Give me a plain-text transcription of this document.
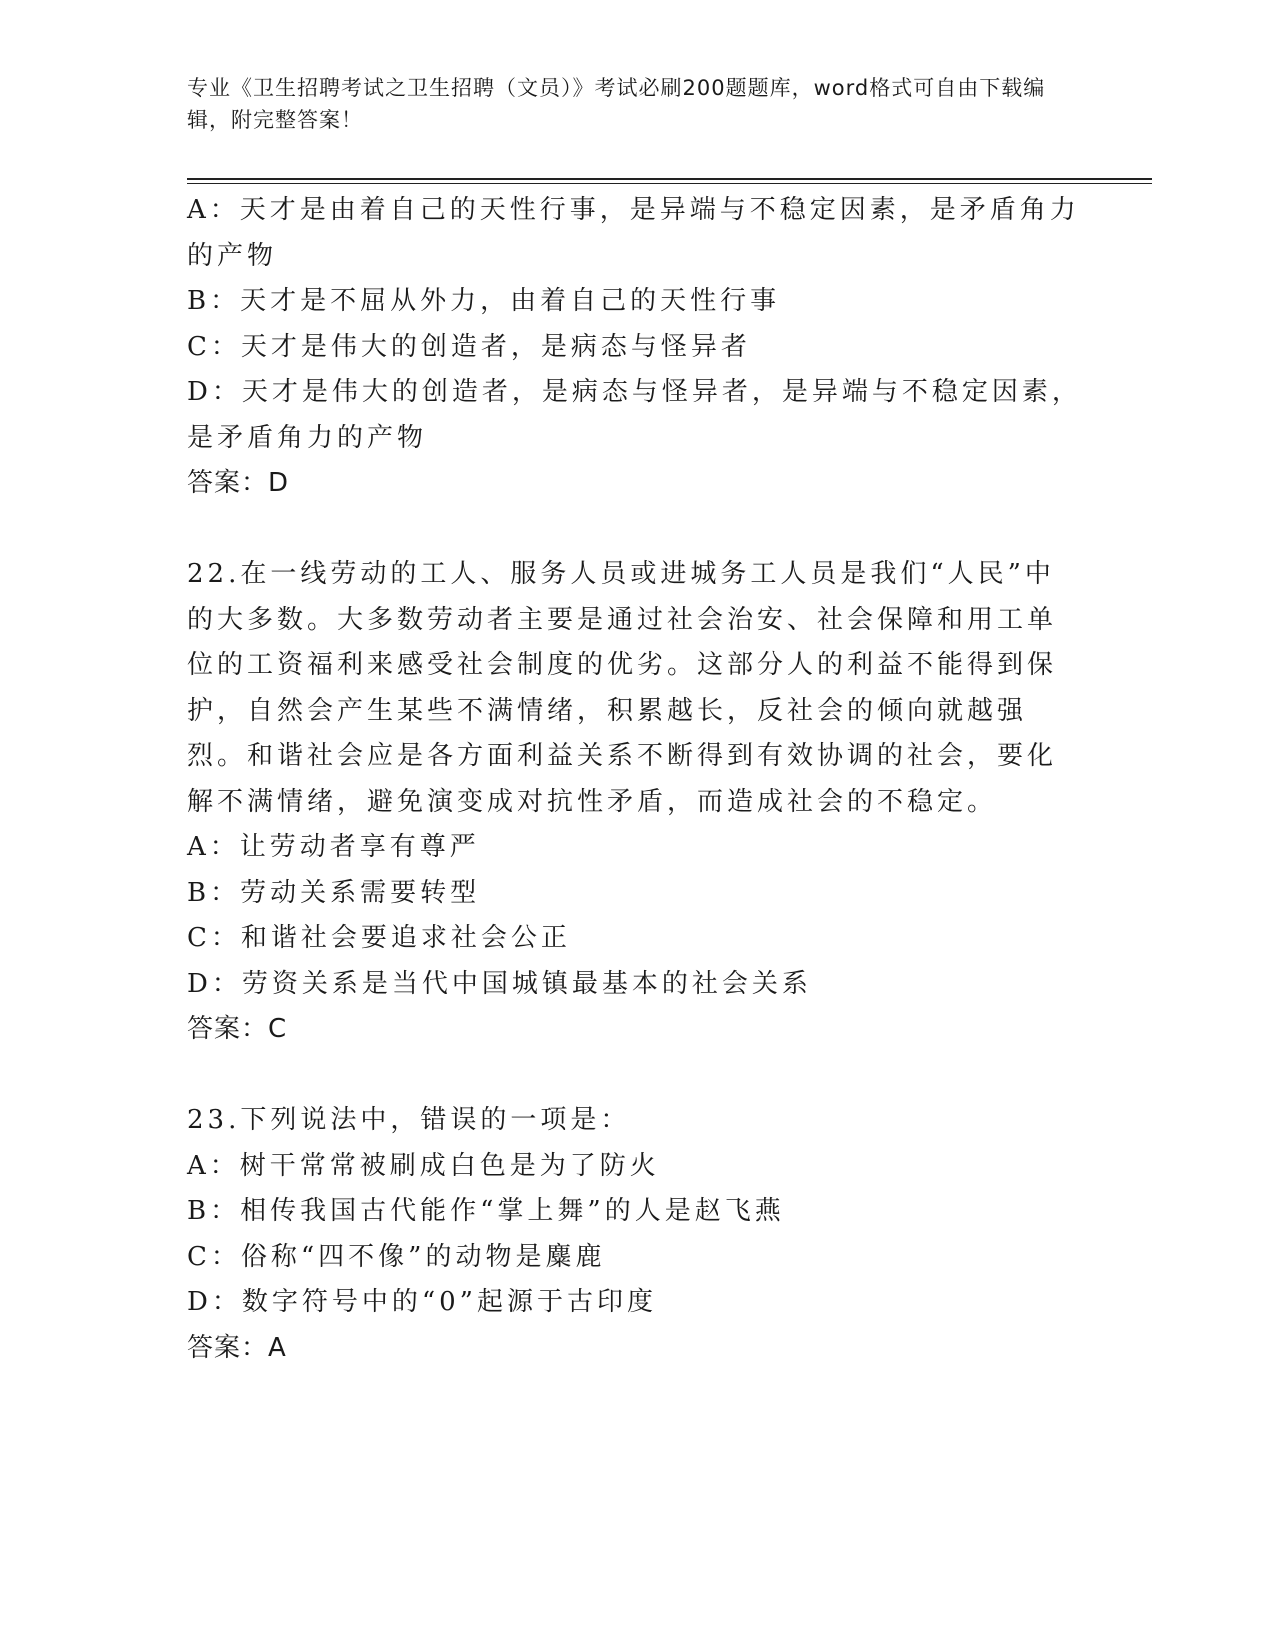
专业《卫生招聘考试之卫生招聘（文员）》考试必刷200题题库，word格式可自由下载编辑，附完整答案！
A：天才是由着自己的天性行事，是异端与不稳定因素，是矛盾角力的产物
B：天才是不屈从外力，由着自己的天性行事
C：天才是伟大的创造者，是病态与怪异者
D：天才是伟大的创造者，是病态与怪异者，是异端与不稳定因素，是矛盾角力的产物
答案：D
22.在一线劳动的工人、服务人员或进城务工人员是我们“人民”中的大多数。大多数劳动者主要是通过社会治安、社会保障和用工单位的工资福利来感受社会制度的优劣。这部分人的利益不能得到保护，自然会产生某些不满情绪，积累越长，反社会的倾向就越强烈。和谐社会应是各方面利益关系不断得到有效协调的社会，要化解不满情绪，避免演变成对抗性矛盾，而造成社会的不稳定。
A：让劳动者享有尊严
B：劳动关系需要转型
C：和谐社会要追求社会公正
D：劳资关系是当代中国城镇最基本的社会关系
答案：C
23.下列说法中，错误的一项是：
A：树干常常被刷成白色是为了防火
B：相传我国古代能作“掌上舞”的人是赵飞燕
C：俗称“四不像”的动物是麋鹿
D：数字符号中的“0”起源于古印度
答案：A
